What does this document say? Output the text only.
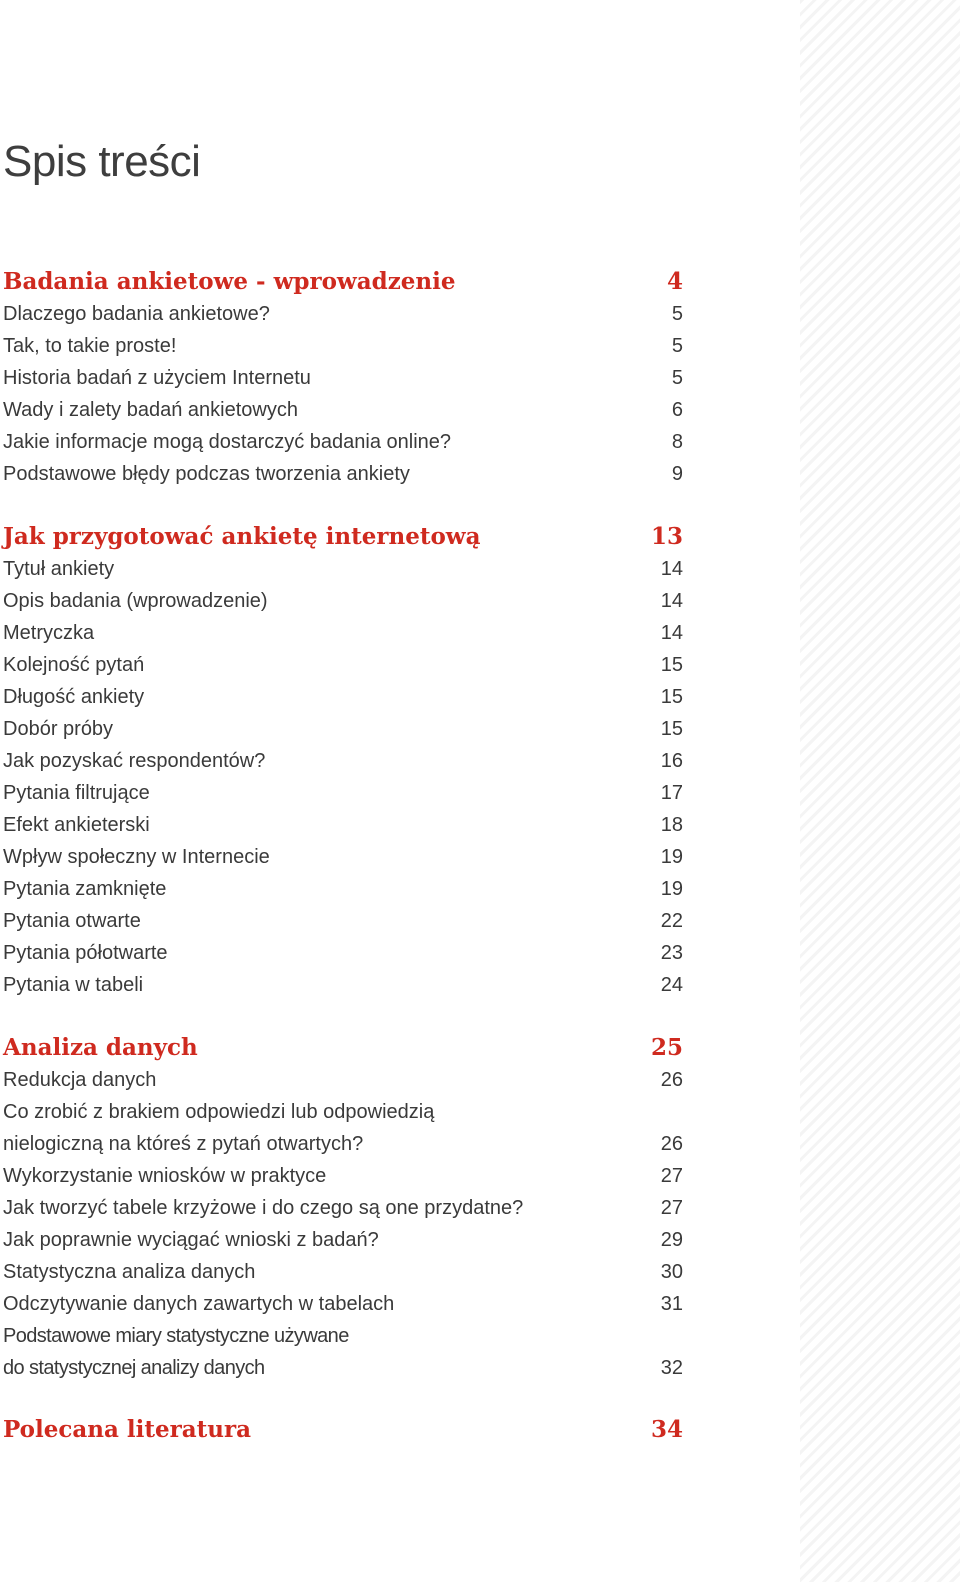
Spis treści
Badania ankietowe - wprowadzenie	4
Dlaczego badania ankietowe?	5
Tak, to takie proste!	5
Historia badań z użyciem Internetu	5
Wady i zalety badań ankietowych	6
Jakie informacje mogą dostarczyć badania online?	8
Podstawowe błędy podczas tworzenia ankiety	9
Jak przygotować ankietę internetową	13
Tytuł ankiety	14
Opis badania (wprowadzenie)	14
Metryczka	14
Kolejność pytań	15
Długość ankiety	15
Dobór próby	15
Jak pozyskać respondentów?	16
Pytania filtrujące	17
Efekt ankieterski	18
Wpływ społeczny w Internecie	19
Pytania zamknięte	19
Pytania otwarte	22
Pytania półotwarte	23
Pytania w tabeli	24
Analiza danych	25
Redukcja danych	26
Co zrobić z brakiem odpowiedzi lub odpowiedzią
nielogiczną na któreś z pytań otwartych?	26
Wykorzystanie wniosków w praktyce	27
Jak tworzyć tabele krzyżowe i do czego są one przydatne?	27
Jak poprawnie wyciągać wnioski z badań?	29
Statystyczna analiza danych	30
Odczytywanie danych zawartych w tabelach	31
Podstawowe miary statystyczne używane
do statystycznej analizy danych	32
Polecana literatura	34
